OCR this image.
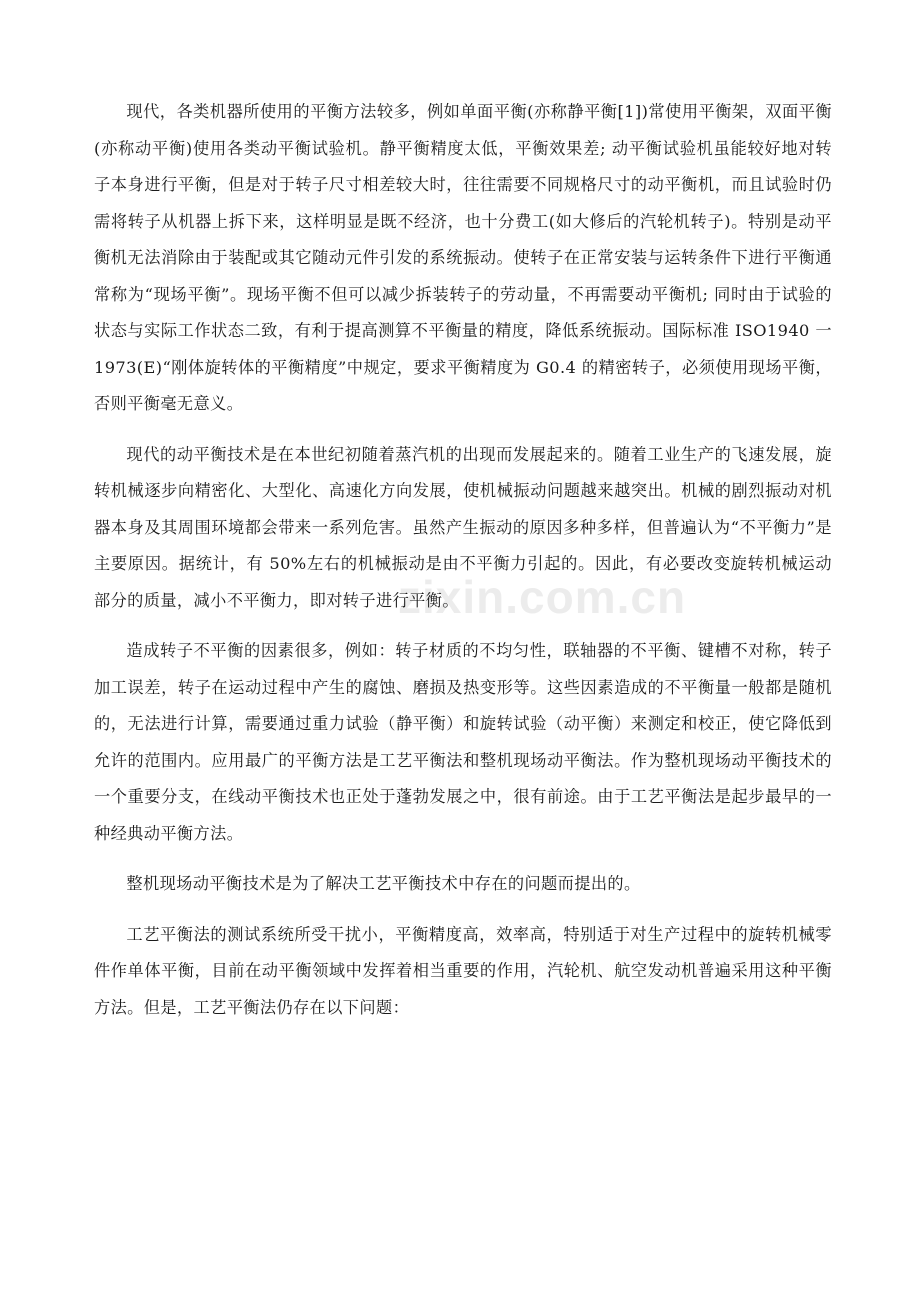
zixin.com.cn

现代，各类机器所使用的平衡方法较多，例如单面平衡(亦称静平衡[1])常使用平衡架，双面平衡(亦称动平衡)使用各类动平衡试验机。静平衡精度太低，平衡效果差; 动平衡试验机虽能较好地对转子本身进行平衡，但是对于转子尺寸相差较大时，往往需要不同规格尺寸的动平衡机，而且试验时仍需将转子从机器上拆下来，这样明显是既不经济，也十分费工(如大修后的汽轮机转子)。特别是动平衡机无法消除由于装配或其它随动元件引发的系统振动。使转子在正常安装与运转条件下进行平衡通常称为“现场平衡”。现场平衡不但可以减少拆装转子的劳动量，不再需要动平衡机; 同时由于试验的状态与实际工作状态二致，有利于提高测算不平衡量的精度，降低系统振动。国际标准 ISO1940 一 1973(E)“刚体旋转体的平衡精度”中规定，要求平衡精度为 G0.4 的精密转子，必须使用现场平衡，否则平衡毫无意义。

现代的动平衡技术是在本世纪初随着蒸汽机的出现而发展起来的。随着工业生产的飞速发展，旋转机械逐步向精密化、大型化、高速化方向发展，使机械振动问题越来越突出。机械的剧烈振动对机器本身及其周围环境都会带来一系列危害。虽然产生振动的原因多种多样，但普遍认为“不平衡力”是主要原因。据统计，有 50%左右的机械振动是由不平衡力引起的。因此，有必要改变旋转机械运动部分的质量，减小不平衡力，即对转子进行平衡。

造成转子不平衡的因素很多，例如：转子材质的不均匀性，联轴器的不平衡、键槽不对称，转子加工误差，转子在运动过程中产生的腐蚀、磨损及热变形等。这些因素造成的不平衡量一般都是随机的，无法进行计算，需要通过重力试验（静平衡）和旋转试验（动平衡）来测定和校正，使它降低到允许的范围内。应用最广的平衡方法是工艺平衡法和整机现场动平衡法。作为整机现场动平衡技术的一个重要分支，在线动平衡技术也正处于蓬勃发展之中，很有前途。由于工艺平衡法是起步最早的一种经典动平衡方法。

整机现场动平衡技术是为了解决工艺平衡技术中存在的问题而提出的。

工艺平衡法的测试系统所受干扰小，平衡精度高，效率高，特别适于对生产过程中的旋转机械零件作单体平衡，目前在动平衡领域中发挥着相当重要的作用，汽轮机、航空发动机普遍采用这种平衡方法。但是，工艺平衡法仍存在以下问题：
